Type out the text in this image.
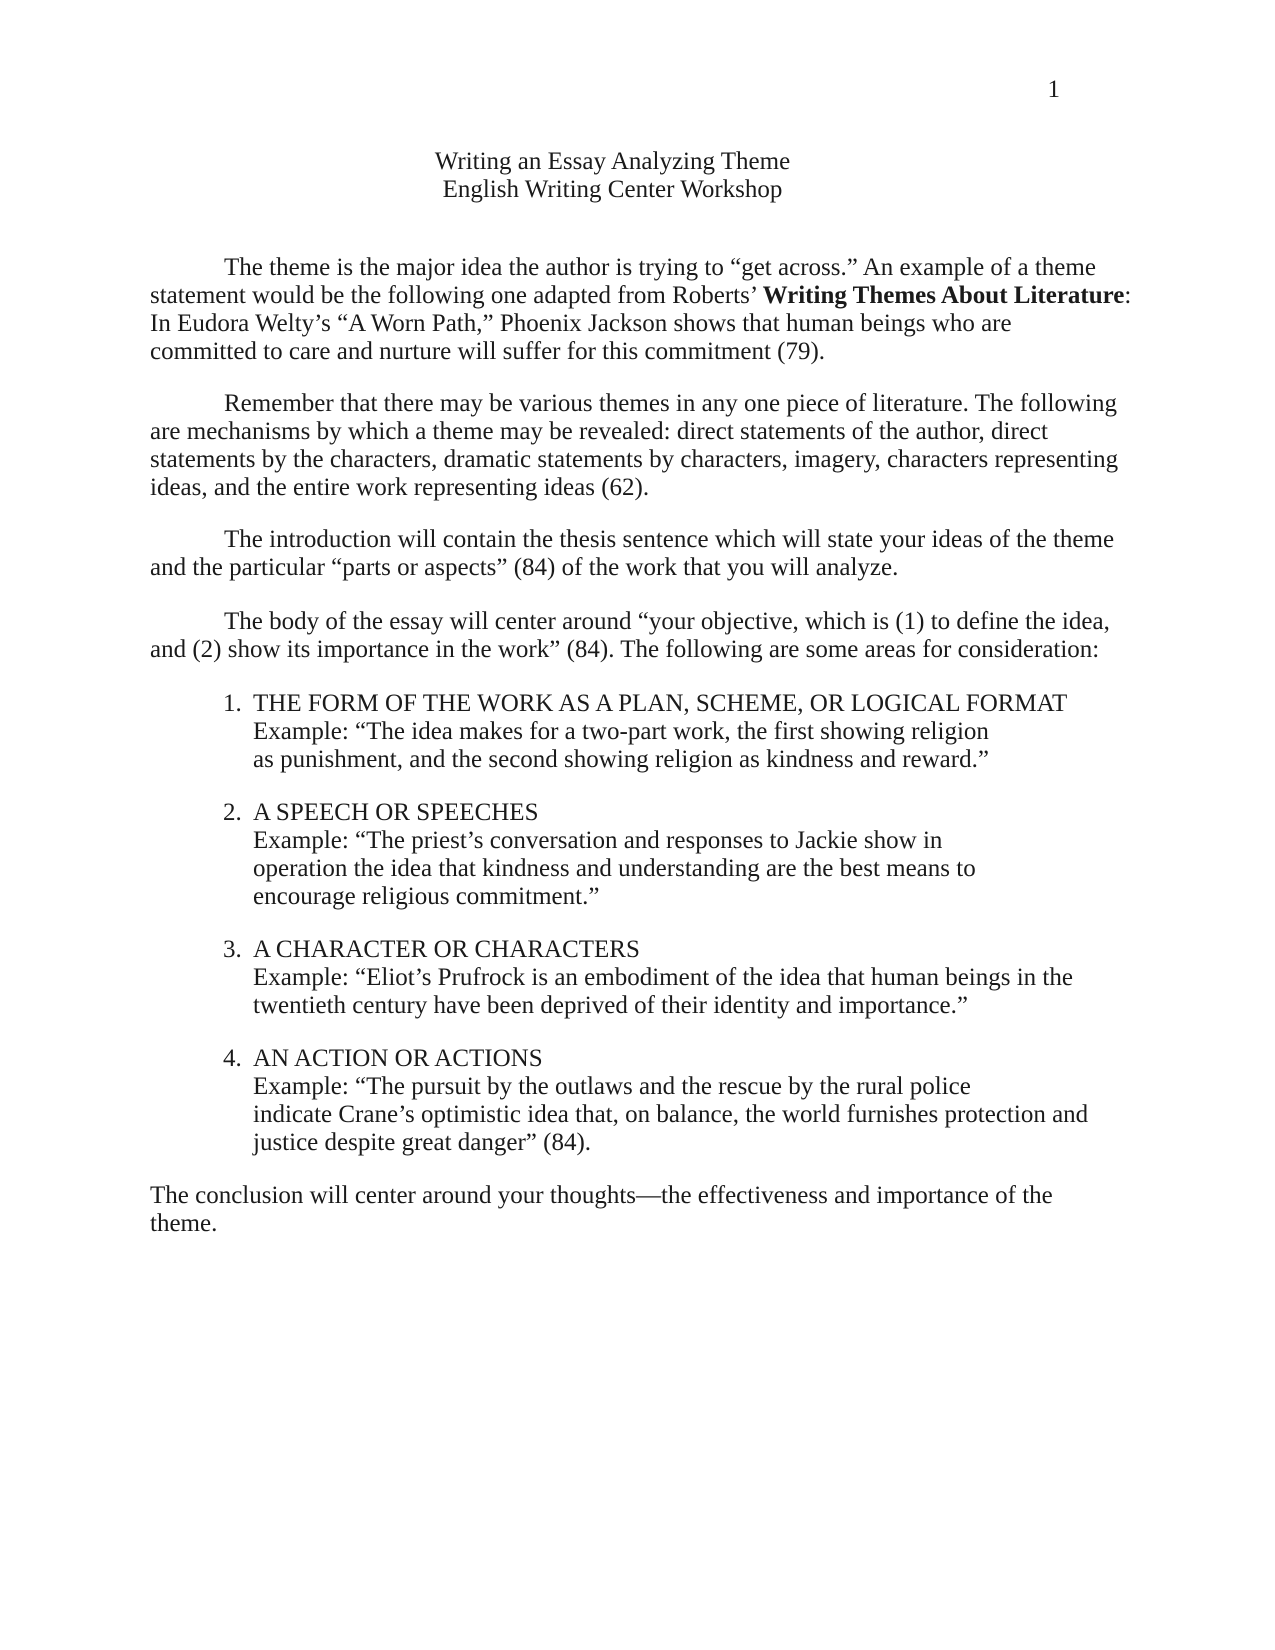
1
Writing an Essay Analyzing Theme
English Writing Center Workshop
The theme is the major idea the author is trying to “get across.” An example of a theme
statement would be the following one adapted from Roberts’ Writing Themes About Literature:
In Eudora Welty’s “A Worn Path,” Phoenix Jackson shows that human beings who are
committed to care and nurture will suffer for this commitment (79).
Remember that there may be various themes in any one piece of literature. The following
are mechanisms by which a theme may be revealed: direct statements of the author, direct
statements by the characters, dramatic statements by characters, imagery, characters representing
ideas, and the entire work representing ideas (62).
The introduction will contain the thesis sentence which will state your ideas of the theme
and the particular “parts or aspects” (84) of the work that you will analyze.
The body of the essay will center around “your objective, which is (1) to define the idea,
and (2) show its importance in the work” (84). The following are some areas for consideration:
1. THE FORM OF THE WORK AS A PLAN, SCHEME, OR LOGICAL FORMAT
Example: “The idea makes for a two-part work, the first showing religion
as punishment, and the second showing religion as kindness and reward.”
2. A SPEECH OR SPEECHES
Example: “The priest’s conversation and responses to Jackie show in
operation the idea that kindness and understanding are the best means to
encourage religious commitment.”
3. A CHARACTER OR CHARACTERS
Example: “Eliot’s Prufrock is an embodiment of the idea that human beings in the
twentieth century have been deprived of their identity and importance.”
4. AN ACTION OR ACTIONS
Example: “The pursuit by the outlaws and the rescue by the rural police
indicate Crane’s optimistic idea that, on balance, the world furnishes protection and
justice despite great danger” (84).
The conclusion will center around your thoughts—the effectiveness and importance of the
theme.
